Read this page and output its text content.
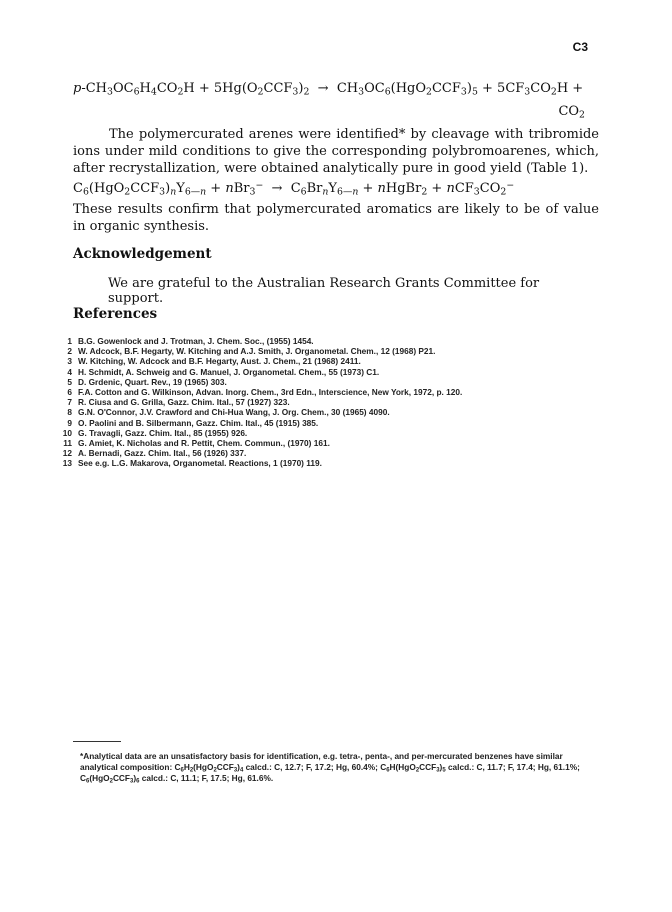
C3
$p-CH_3OC_6H_4CO_2H + 5Hg(O_2CCF_3)_2 \to CH_3OC_6(HgO_2CCF_3)_5 + 5CF_3CO_2H$ +
$CO_2$
The polymercurated arenes were identified* by cleavage with tribromide ions under mild conditions to give the corresponding polybromoarenes, which, after recrystallization, were obtained analytically pure in good yield (Table 1).
$C_6(HgO_2CCF_3)_nY_{6—n} + nBr_3^- \to C_6Br_nY_{6—n}$ + nHgBr$_2$ + $nCF_3CO_2^-$
These results confirm that polymercurated aromatics are likely to be of value in organic synthesis.
Acknowledgement
We are grateful to the Australian Research Grants Committee for support.
References
1 B.G. Gowenlock and J. Trotman, J. Chem. Soc., (1955) 1454.
2 W. Adcock, B.F. Hegarty, W. Kitching and A.J. Smith, J. Organometal. Chem., 12 (1968) P21.
3 W. Kitching, W. Adcock and B.F. Hegarty, Aust. J. Chem., 21 (1968) 2411.
4 H. Schmidt, A. Schweig and G. Manuel, J. Organometal. Chem., 55 (1973) C1.
5 D. Grdenic, Quart. Rev., 19 (1965) 303.
6 F.A. Cotton and G. Wilkinson, Advan. Inorg. Chem., 3rd Edn., Interscience, New York, 1972, p. 120.
7 R. Ciusa and G. Grilla, Gazz. Chim. Ital., 57 (1927) 323.
8 G.N. O'Connor, J.V. Crawford and Chi-Hua Wang, J. Org. Chem., 30 (1965) 4090.
9 O. Paolini and B. Silbermann, Gazz. Chim. Ital., 45 (1915) 385.
10 G. Travagli, Gazz. Chim. Ital., 85 (1955) 926.
11 G. Amiet, K. Nicholas and R. Pettit, Chem. Commun., (1970) 161.
12 A. Bernadi, Gazz. Chim. Ital., 56 (1926) 337.
13 See e.g. L.G. Makarova, Organometal. Reactions, 1 (1970) 119.
*Analytical data are an unsatisfactory basis for identification, e.g. tetra-, penta-, and per-mercurated benzenes have similar analytical composition: $C_6H_2(HgO_2CCF_3)_4$ calcd.: C, 12.7; F, 17.2; Hg, 60.4%; $C_6H(HgO_2CCF_3)_5$ calcd.: C, 11.7; F, 17.4; Hg, 61.1%; $C_6(HgO_2CCF_3)_6$ calcd.: C, 11.1; F, 17.5; Hg, 61.6%.
